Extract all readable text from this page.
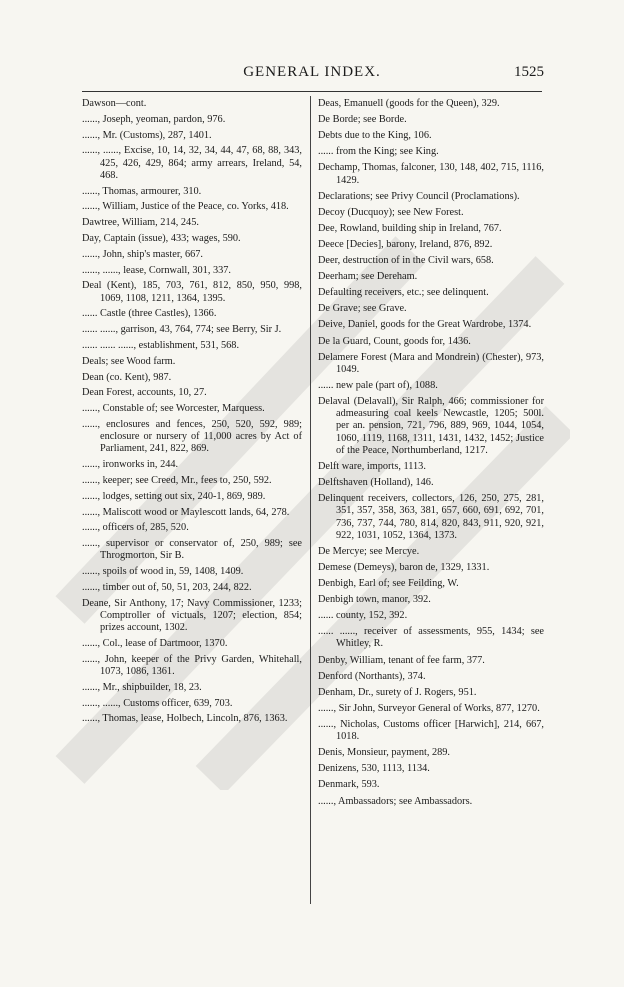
GENERAL INDEX.	1525
Dawson—cont.
......, Joseph, yeoman, pardon, 976.
......, Mr. (Customs), 287, 1401.
......, ......, Excise, 10, 14, 32, 34, 44, 47, 68, 88, 343, 425, 426, 429, 864; army arrears, Ireland, 54, 468.
......, Thomas, armourer, 310.
......, William, Justice of the Peace, co. Yorks, 418.
Dawtree, William, 214, 245.
Day, Captain (issue), 433; wages, 590.
......, John, ship's master, 667.
......, ......, lease, Cornwall, 301, 337.
Deal (Kent), 185, 703, 761, 812, 850, 950, 998, 1069, 1108, 1211, 1364, 1395.
...... Castle (three Castles), 1366.
...... ......, garrison, 43, 764, 774; see Berry, Sir J.
...... ...... ......, establishment, 531, 568.
Deals; see Wood farm.
Dean (co. Kent), 987.
Dean Forest, accounts, 10, 27.
......, Constable of; see Worcester, Marquess.
......, enclosures and fences, 250, 520, 592, 989; enclosure or nursery of 11,000 acres by Act of Parliament, 241, 822, 869.
......, ironworks in, 244.
......, keeper; see Creed, Mr., fees to, 250, 592.
......, lodges, setting out six, 240-1, 869, 989.
......, Maliscott wood or Maylescott lands, 64, 278.
......, officers of, 285, 520.
......, supervisor or conservator of, 250, 989; see Throgmorton, Sir B.
......, spoils of wood in, 59, 1408, 1409.
......, timber out of, 50, 51, 203, 244, 822.
Deane, Sir Anthony, 17; Navy Commissioner, 1233; Comptroller of victuals, 1207; election, 854; prizes account, 1302.
......, Col., lease of Dartmoor, 1370.
......, John, keeper of the Privy Garden, Whitehall, 1073, 1086, 1361.
......, Mr., shipbuilder, 18, 23.
......, ......, Customs officer, 639, 703.
......, Thomas, lease, Holbech, Lincoln, 876, 1363.
Deas, Emanuell (goods for the Queen), 329.
De Borde; see Borde.
Debts due to the King, 106.
...... from the King; see King.
Dechamp, Thomas, falconer, 130, 148, 402, 715, 1116, 1429.
Declarations; see Privy Council (Proclamations).
Decoy (Ducquoy); see New Forest.
Dee, Rowland, building ship in Ireland, 767.
Deece [Decies], barony, Ireland, 876, 892.
Deer, destruction of in the Civil wars, 658.
Deerham; see Dereham.
Defaulting receivers, etc.; see delinquent.
De Grave; see Grave.
Deive, Daniel, goods for the Great Wardrobe, 1374.
De la Guard, Count, goods for, 1436.
Delamere Forest (Mara and Mondrein) (Chester), 973, 1049.
...... new pale (part of), 1088.
Delaval (Delavall), Sir Ralph, 466; commissioner for admeasuring coal keels Newcastle, 1205; 500l. per an. pension, 721, 796, 889, 969, 1044, 1054, 1060, 1119, 1168, 1311, 1431, 1432, 1452; Justice of the Peace, Northumberland, 1217.
Delft ware, imports, 1113.
Delftshaven (Holland), 146.
Delinquent receivers, collectors, 126, 250, 275, 281, 351, 357, 358, 363, 381, 657, 660, 691, 692, 701, 736, 737, 744, 780, 814, 820, 843, 911, 920, 921, 922, 1031, 1052, 1364, 1373.
De Mercye; see Mercye.
Demese (Demeys), baron de, 1329, 1331.
Denbigh, Earl of; see Feilding, W.
Denbigh town, manor, 392.
...... county, 152, 392.
...... ......, receiver of assessments, 955, 1434; see Whitley, R.
Denby, William, tenant of fee farm, 377.
Denford (Northants), 374.
Denham, Dr., surety of J. Rogers, 951.
......, Sir John, Surveyor General of Works, 877, 1270.
......, Nicholas, Customs officer [Harwich], 214, 667, 1018.
Denis, Monsieur, payment, 289.
Denizens, 530, 1113, 1134.
Denmark, 593.
......, Ambassadors; see Ambassadors.
